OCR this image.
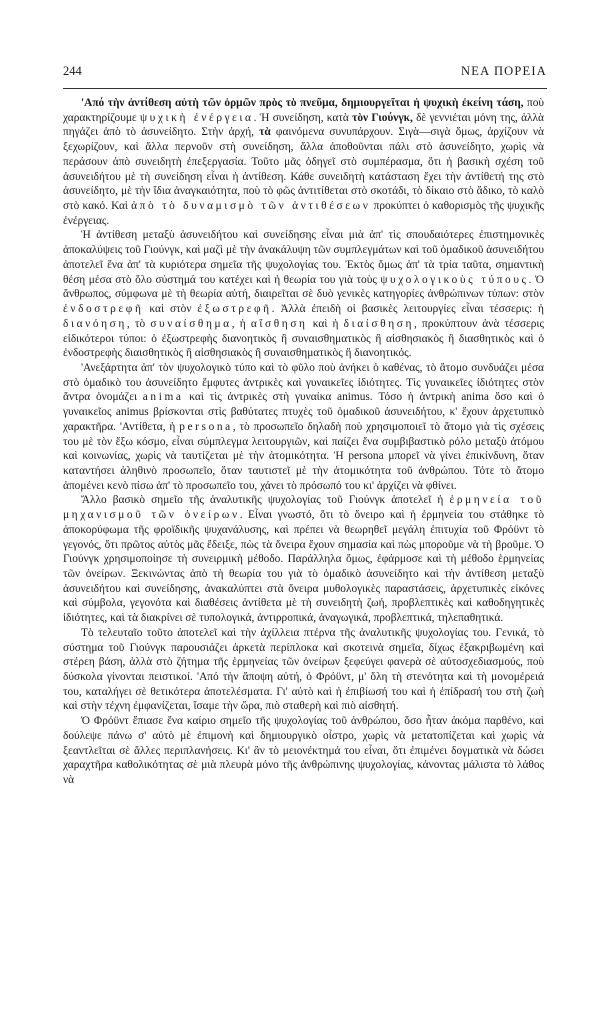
244	ΝΕΑ ΠΟΡΕΙΑ

'Από τὴν ἀντίθεση αὐτὴ τῶν ὁρμῶν πρὸς τὸ πνεῦμα, δημιουργεῖται ἡ ψυχικὴ ἐκείνη τάση, ποὺ χαρακτηρίζουμε ψυχικὴ ἐνέργεια. Ἡ συνείδηση, κατὰ τὸν Γιούνγκ, δὲ γεννιέται μόνη της, ἀλλὰ πηγάζει ἀπὸ τὸ ἀσυνείδητο. Στὴν ἀρχή, τὰ φαινόμενα συνυπάρχουν. Σιγὰ—σιγὰ ὅμως, ἀρχίζουν νὰ ξεχωρίζουν, καὶ ἄλλα περνοῦν στὴ συνείδηση, ἄλλα ἀποθοῦνται πάλι στὸ ἀσυνείδητο, χωρὶς νὰ περάσουν ἀπὸ συνειδητὴ ἐπεξεργασία. Τοῦτο μᾶς ὁδηγεῖ στὸ συμπέρασμα, ὅτι ἡ βασικὴ σχέση τοῦ ἀσυνειδήτου μὲ τὴ συνείδηση εἶναι ἡ ἀντίθεση. Κάθε συνειδητὴ κατάσταση ἔχει τὴν ἀντίθετή της στὸ ἀσυνείδητο, μὲ τὴν ἴδια ἀναγκαιότητα, ποὺ τὸ φῶς ἀντιτίθεται στὸ σκοτάδι, τὸ δίκαιο στὸ ἄδικο, τὸ καλὸ στὸ κακό. Καὶ ἀπὸ τὸ δυναμισμὸ τῶν ἀντιθέσεων προκύπτει ὁ καθορισμὸς τῆς ψυχικῆς ἐνέργειας.

Ἡ ἀντίθεση μεταξὺ ἀσυνειδήτου καὶ συνείδησης εἶναι μιὰ ἀπ' τὶς σπουδαιότερες ἐπιστημονικὲς ἀποκαλύψεις τοῦ Γιούνγκ, καὶ μαζὶ μὲ τὴν ἀνακάλυψη τῶν συμπλεγμάτων καὶ τοῦ ὁμαδικοῦ ἀσυνειδήτου ἀποτελεῖ ἕνα ἀπ' τὰ κυριότερα σημεῖα τῆς ψυχολογίας του. Ἐκτὸς ὅμως ἀπ' τὰ τρία ταῦτα, σημαντικὴ θέση μέσα στὸ ὅλο σύστημά του κατέχει καὶ ἡ θεωρία του γιὰ τοὺς ψυχολογικοὺς τύπους. Ὁ ἄνθρωπος, σύμφωνα μὲ τὴ θεωρία αὐτή, διαιρεῖται σὲ δυὸ γενικὲς κατηγορίες ἀνθρώπινων τύπων: στὸν ἐνδοστρεφῆ καὶ στὸν ἐξωστρεφῆ. Ἀλλὰ ἐπειδὴ οἱ βασικὲς λειτουργίες εἶναι τέσσερις: ἡ διανόηση, τὸ συναίσθημα, ἡ αἴσθηση καὶ ἡ διαίσθηση, προκύπτουν ἀνὰ τέσσερις εἰδικότεροι τύποι: ὁ ἐξωστρεφὴς διανοητικὸς ἢ συναισθηματικὸς ἢ αἰσθησιακὸς ἢ διασθητικὸς καὶ ὁ ἐνδοστρεφὴς διαισθητικὸς ἢ αἰσθησιακὸς ἢ συναισθηματικὸς ἢ διανοητικός.

'Ανεξάρτητα ἀπ' τὸν ψυχολογικὸ τύπο καὶ τὸ φῦλο ποὺ ἀνήκει ὁ καθένας, τὸ ἄτομο συνδυάζει μέσα στὸ ὁμαδικὸ του ἀσυνείδητο ἔμφυτες ἀντρικὲς καὶ γυναικεῖες ἰδιότητες. Τὶς γυναικεῖες ἰδιότητες στὸν ἄντρα ὀνομάζει anima καὶ τὶς ἀντρικὲς στὴ γυναίκα animus. Τόσο ἡ ἀντρικὴ anima ὅσο καὶ ὁ γυναικεῖος animus βρίσκονται στὶς βαθύτατες πτυχὲς τοῦ ὁμαδικοῦ ἀσυνειδήτου, κ' ἔχουν ἀρχετυπικὸ χαρακτῆρα. 'Αντίθετα, ἡ persona, τὸ προσωπεῖο δηλαδὴ ποὺ χρησιμοποιεῖ τὸ ἄτομο γιὰ τὶς σχέσεις του μὲ τὸν ἔξω κόσμο, εἶναι σύμπλεγμα λειτουργιῶν, καὶ παίζει ἕνα συμβιβαστικὸ ρόλο μεταξὺ ἀτόμου καὶ κοινωνίας, χωρὶς νὰ ταυτίζεται μὲ τὴν ἀτομικότητα. Ἡ persona μπορεῖ νὰ γίνει ἐπικίνδυνη, ὅταν καταντήσει ἀληθινὸ προσωπεῖο, ὅταν ταυτιστεῖ μὲ τὴν ἀτομικότητα τοῦ ἀνθρώπου. Τότε τὸ ἄτομο ἀπομένει κενὸ πίσω ἀπ' τὸ προσωπεῖο του, χάνει τὸ πρόσωπό του κι' ἀρχίζει νὰ φθίνει.

Ἄλλο βασικὸ σημεῖο τῆς ἀναλυτικῆς ψυχολογίας τοῦ Γιούνγκ ἀποτελεῖ ἡ ἑρμηνεία τοῦ μηχανισμοῦ τῶν ὀνείρων. Εἶναι γνωστό, ὅτι τὸ ὄνειρο καὶ ἡ ἑρμηνεία του στάθηκε τὸ ἀποκορύφωμα τῆς φροϊδικῆς ψυχανάλυσης, καὶ πρέπει νὰ θεωρηθεῖ μεγάλη ἐπιτυχία τοῦ Φρόϋντ τὸ γεγονός, ὅτι πρῶτος αὐτὸς μᾶς ἔδειξε, πὼς τὰ ὄνειρα ἔχουν σημασία καὶ πὼς μποροῦμε νὰ τὴ βροῦμε. Ὁ Γιούνγκ χρησιμοποίησε τὴ συνειρμικὴ μέθοδο. Παράλληλα ὅμως, ἐφάρμοσε καὶ τὴ μέθοδο ἑρμηνείας τῶν ὀνείρων. Ξεκινώντας ἀπὸ τὴ θεωρία του γιὰ τὸ ὁμαδικὸ ἀσυνείδητο καὶ τὴν ἀντίθεση μεταξὺ ἀσυνειδήτου καὶ συνείδησης, ἀνακαλύπτει στὰ ὄνειρα μυθολογικὲς παραστάσεις, ἀρχετυπικὲς εἰκόνες καὶ σύμβολα, γεγονότα καὶ διαθέσεις ἀντίθετα μὲ τὴ συνειδητὴ ζωή, προβλεπτικὲς καὶ καθοδηγητικὲς ἰδιότητες, καὶ τὰ διακρίνει σὲ τυπολογικά, ἀντιρροπικά, ἀναγωγικά, προβλεπτικά, τηλεπαθητικά.

Τὸ τελευταῖο τοῦτο ἀποτελεῖ καὶ τὴν ἀχίλλεια πτέρνα τῆς ἀναλυτικῆς ψυχολογίας του. Γενικά, τὸ σύστημα τοῦ Γιούνγκ παρουσιάζει ἀρκετὰ περίπλοκα καὶ σκοτεινὰ σημεῖα, δίχως ἐξακριβωμένη καὶ στέρεη βάση, ἀλλὰ στὸ ζήτημα τῆς ἑρμηνείας τῶν ὀνείρων ξεφεύγει φανερὰ σὲ αὐτοσχεδιασμούς, ποὺ δύσκολα γίνονται πειστικοί. 'Από τὴν ἄποψη αὐτή, ὁ Φρόϋντ, μ' ὅλη τὴ στενότητα καὶ τὴ μονομέρειά του, καταλήγει σὲ θετικότερα ἀποτελέσματα. Γι' αὐτὸ καὶ ἡ ἐπιβίωσή του καὶ ἡ ἐπίδρασή του στὴ ζωὴ καὶ στὴν τέχνη ἐμφανίζεται, ἴσαμε τὴν ὥρα, πιὸ σταθερὴ καὶ πιὸ αἰσθητή.

Ὁ Φρόϋντ ἔπιασε ἕνα καίριο σημεῖο τῆς ψυχολογίας τοῦ ἀνθρώπου, ὅσο ἦταν ἀκόμα παρθένο, καὶ δούλεψε πάνω σ' αὐτὸ μὲ ἐπιμονὴ καὶ δημιουργικὸ οἶστρο, χωρὶς νὰ μετατοπίζεται καὶ χωρὶς νὰ ξεαντλεῖται σὲ ἄλλες περιπλανήσεις. Κι' ἂν τὸ μειονέκτημά του εἶναι, ὅτι ἐπιμένει δογματικὰ νὰ δώσει χαραχτῆρα καθολικότητας σὲ μιὰ πλευρὰ μόνο τῆς ἀνθρώπινης ψυχολογίας, κάνοντας μάλιστα τὸ λάθος νὰ
